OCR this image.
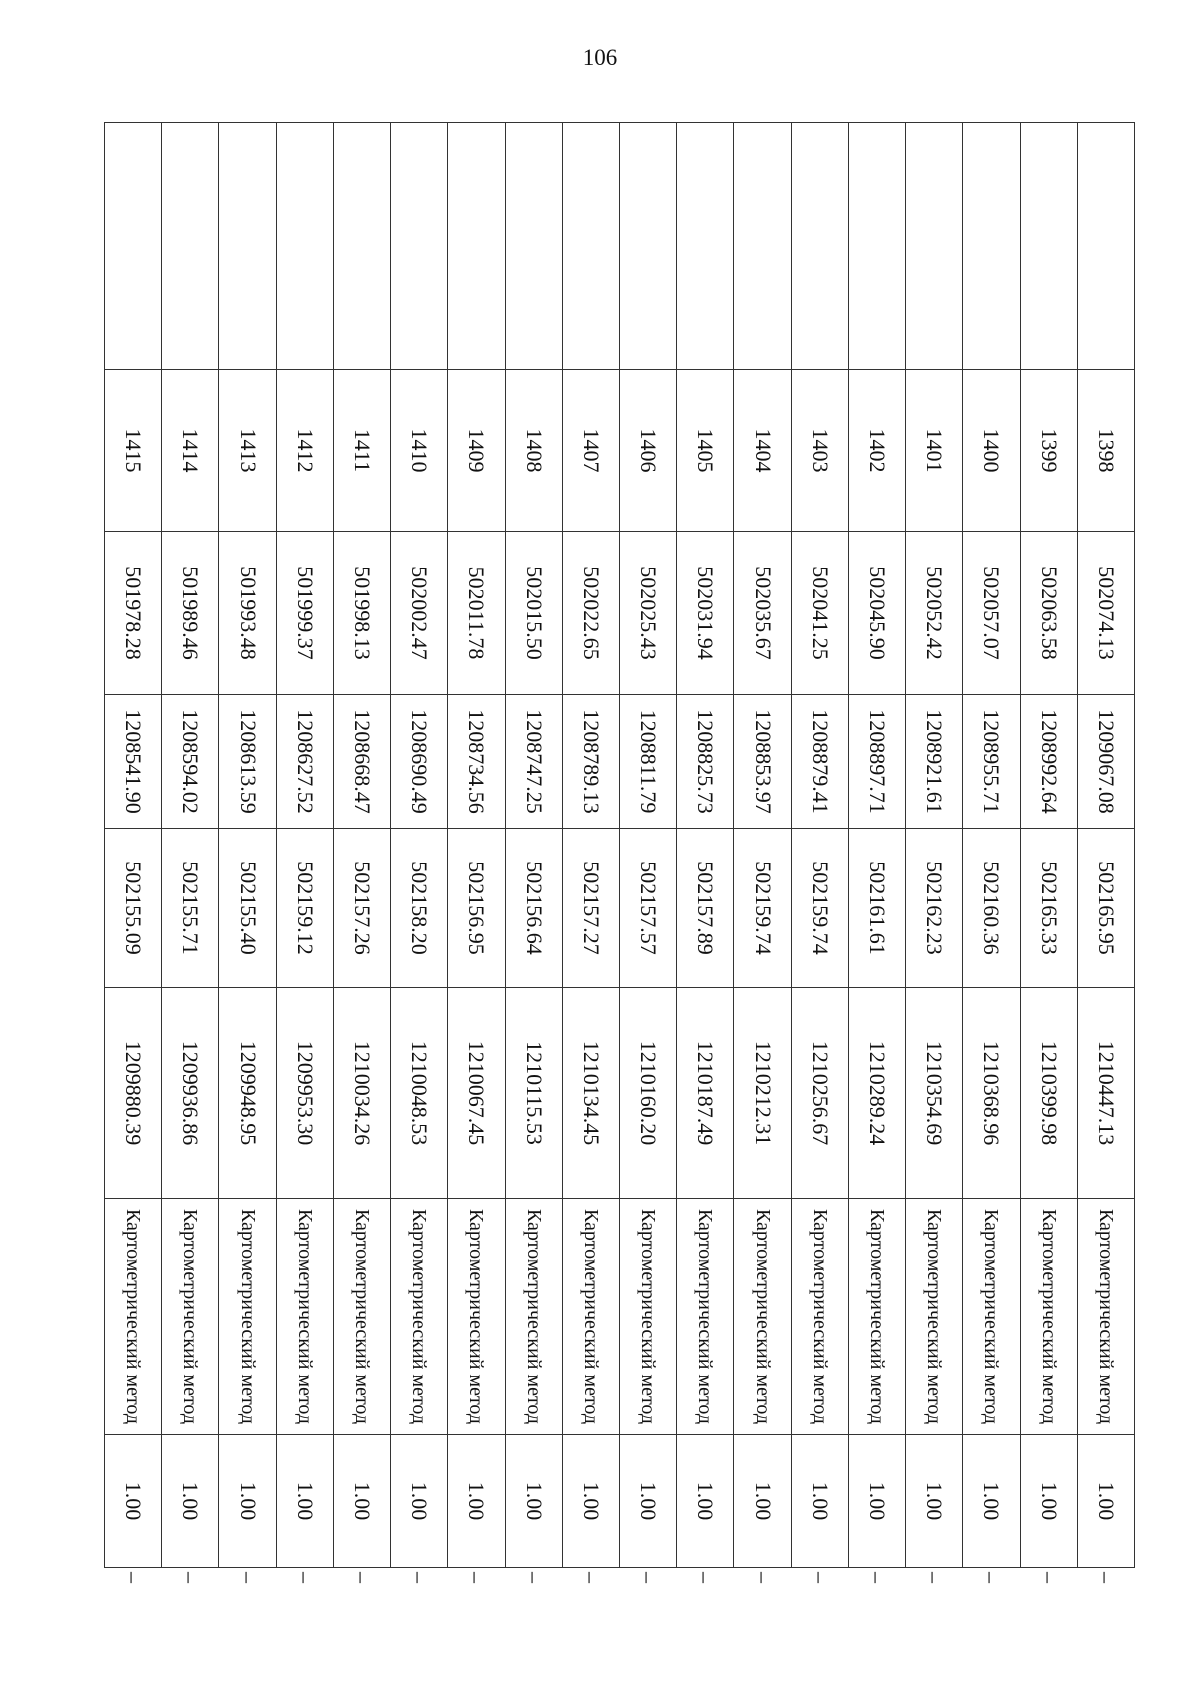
106
	1398	502074.13	1209067.08	502165.95	1210447.13	Картометрический метод	1.00	–
	1399	502063.58	1208992.64	502165.33	1210399.98	Картометрический метод	1.00	–
	1400	502057.07	1208955.71	502160.36	1210368.96	Картометрический метод	1.00	–
	1401	502052.42	1208921.61	502162.23	1210354.69	Картометрический метод	1.00	–
	1402	502045.90	1208897.71	502161.61	1210289.24	Картометрический метод	1.00	–
	1403	502041.25	1208879.41	502159.74	1210256.67	Картометрический метод	1.00	–
	1404	502035.67	1208853.97	502159.74	1210212.31	Картометрический метод	1.00	–
	1405	502031.94	1208825.73	502157.89	1210187.49	Картометрический метод	1.00	–
	1406	502025.43	1208811.79	502157.57	1210160.20	Картометрический метод	1.00	–
	1407	502022.65	1208789.13	502157.27	1210134.45	Картометрический метод	1.00	–
	1408	502015.50	1208747.25	502156.64	1210115.53	Картометрический метод	1.00	–
	1409	502011.78	1208734.56	502156.95	1210067.45	Картометрический метод	1.00	–
	1410	502002.47	1208690.49	502158.20	1210048.53	Картометрический метод	1.00	–
	1411	501998.13	1208668.47	502157.26	1210034.26	Картометрический метод	1.00	–
	1412	501999.37	1208627.52	502159.12	1209953.30	Картометрический метод	1.00	–
	1413	501993.48	1208613.59	502155.40	1209948.95	Картометрический метод	1.00	–
	1414	501989.46	1208594.02	502155.71	1209936.86	Картометрический метод	1.00	–
	1415	501978.28	1208541.90	502155.09	1209880.39	Картометрический метод	1.00	–
